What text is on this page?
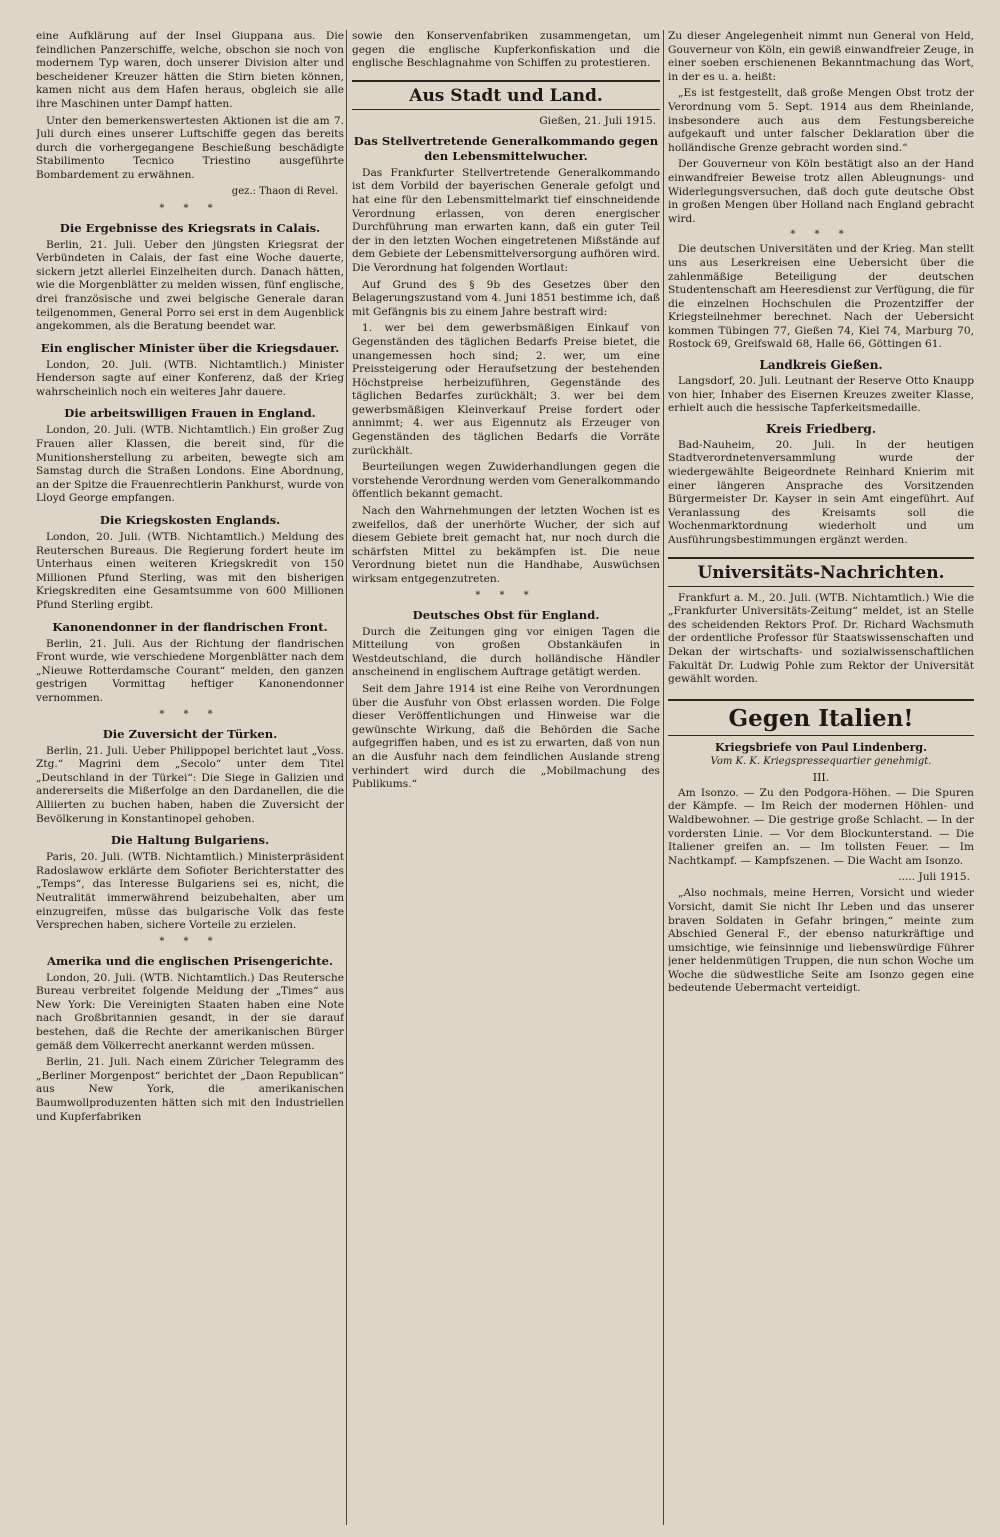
eine Aufklärung auf der Insel Giuppana aus. Die feindlichen Panzerschiffe, welche, obschon sie noch von modernem Typ waren, doch unserer Division alter und bescheidener Kreuzer hätten die Stirn bieten können, kamen nicht aus dem Hafen heraus, obgleich sie alle ihre Maschinen unter Dampf hatten.

Unter den bemerkenswertesten Aktionen ist die am 7. Juli durch eines unserer Luftschiffe gegen das bereits durch die vorhergegangene Beschießung beschädigte Stabilimento Tecnico Triestino ausgeführte Bombardement zu erwähnen.

gez.: Thaon di Revel.
* * *
Die Ergebnisse des Kriegsrats in Calais.

Berlin, 21. Juli. Ueber den jüngsten Kriegsrat der Verbündeten in Calais, der fast eine Woche dauerte, sickern jetzt allerlei Einzelheiten durch. Danach hätten, wie die Morgenblätter zu melden wissen, fünf englische, drei französische und zwei belgische Generale daran teilgenommen, General Porro sei erst in dem Augenblick angekommen, als die Beratung beendet war.

Ein englischer Minister über die Kriegsdauer.

London, 20. Juli. (WTB. Nichtamtlich.) Minister Henderson sagte auf einer Konferenz, daß der Krieg wahrscheinlich noch ein weiteres Jahr dauere.

Die arbeitswilligen Frauen in England.

London, 20. Juli. (WTB. Nichtamtlich.) Ein großer Zug Frauen aller Klassen, die bereit sind, für die Munitionsherstellung zu arbeiten, bewegte sich am Samstag durch die Straßen Londons. Eine Abordnung, an der Spitze die Frauenrechtlerin Pankhurst, wurde von Lloyd George empfangen.

Die Kriegskosten Englands.

London, 20. Juli. (WTB. Nichtamtlich.) Meldung des Reuterschen Bureaus. Die Regierung fordert heute im Unterhaus einen weiteren Kriegskredit von 150 Millionen Pfund Sterling, was mit den bisherigen Kriegskrediten eine Gesamtsumme von 600 Millionen Pfund Sterling ergibt.

Kanonendonner in der flandrischen Front.

Berlin, 21. Juli. Aus der Richtung der flandrischen Front wurde, wie verschiedene Morgenblätter nach dem „Nieuwe Rotterdamsche Courant“ melden, den ganzen gestrigen Vormittag heftiger Kanonendonner vernommen.

* * *
Die Zuversicht der Türken.

Berlin, 21. Juli. Ueber Philippopel berichtet laut „Voss. Ztg.“ Magrini dem „Secolo“ unter dem Titel „Deutschland in der Türkei“: Die Siege in Galizien und andererseits die Mißerfolge an den Dardanellen, die die Alliierten zu buchen haben, haben die Zuversicht der Bevölkerung in Konstantinopel gehoben.

Die Haltung Bulgariens.

Paris, 20. Juli. (WTB. Nichtamtlich.) Ministerpräsident Radoslawow erklärte dem Sofioter Berichterstatter des „Temps“, das Interesse Bulgariens sei es, nicht, die Neutralität immerwährend beizubehalten, aber um einzugreifen, müsse das bulgarische Volk das feste Versprechen haben, sichere Vorteile zu erzielen.

* * *
Amerika und die englischen Prisengerichte.

London, 20. Juli. (WTB. Nichtamtlich.) Das Reutersche Bureau verbreitet folgende Meldung der „Times“ aus New York: Die Vereinigten Staaten haben eine Note nach Großbritannien gesandt, in der sie darauf bestehen, daß die Rechte der amerikanischen Bürger gemäß dem Völkerrecht anerkannt werden müssen.

Berlin, 21. Juli. Nach einem Züricher Telegramm des „Berliner Morgenpost“ berichtet der „Daon Republican“ aus New York, die amerikanischen Baumwollproduzenten hätten sich mit den Industriellen und Kupferfabriken

sowie den Konservenfabriken zusammengetan, um gegen die englische Kupferkonfiskation und die englische Beschlagnahme von Schiffen zu protestieren.

Aus Stadt und Land.
Gießen, 21. Juli 1915.
Das Stellvertretende Generalkommando gegen den Lebensmittelwucher.

Das Frankfurter Stellvertretende Generalkommando ist dem Vorbild der bayerischen Generale gefolgt und hat eine für den Lebensmittelmarkt tief einschneidende Verordnung erlassen, von deren energischer Durchführung man erwarten kann, daß ein guter Teil der in den letzten Wochen eingetretenen Mißstände auf dem Gebiete der Lebensmittelversorgung aufhören wird. Die Verordnung hat folgenden Wortlaut:

Auf Grund des § 9b des Gesetzes über den Belagerungszustand vom 4. Juni 1851 bestimme ich, daß mit Gefängnis bis zu einem Jahre bestraft wird:

1. wer bei dem gewerbsmäßigen Einkauf von Gegenständen des täglichen Bedarfs Preise bietet, die unangemessen hoch sind; 2. wer, um eine Preissteigerung oder Heraufsetzung der bestehenden Höchstpreise herbeizuführen, Gegenstände des täglichen Bedarfes zurückhält; 3. wer bei dem gewerbsmäßigen Kleinverkauf Preise fordert oder annimmt; 4. wer aus Eigennutz als Erzeuger von Gegenständen des täglichen Bedarfs die Vorräte zurückhält.

Beurteilungen wegen Zuwiderhandlungen gegen die vorstehende Verordnung werden vom Generalkommando öffentlich bekannt gemacht.

Nach den Wahrnehmungen der letzten Wochen ist es zweifellos, daß der unerhörte Wucher, der sich auf diesem Gebiete breit gemacht hat, nur noch durch die schärfsten Mittel zu bekämpfen ist. Die neue Verordnung bietet nun die Handhabe, Auswüchsen wirksam entgegenzutreten.

* * *
Deutsches Obst für England.

Durch die Zeitungen ging vor einigen Tagen die Mitteilung von großen Obstankäufen in Westdeutschland, die durch holländische Händler anscheinend in englischem Auftrage getätigt werden.

Seit dem Jahre 1914 ist eine Reihe von Verordnungen über die Ausfuhr von Obst erlassen worden. Die Folge dieser Veröffentlichungen und Hinweise war die gewünschte Wirkung, daß die Behörden die Sache aufgegriffen haben, und es ist zu erwarten, daß von nun an die Ausfuhr nach dem feindlichen Auslande streng verhindert wird durch die „Mobilmachung des Publikums.“

Zu dieser Angelegenheit nimmt nun General von Held, Gouverneur von Köln, ein gewiß einwandfreier Zeuge, in einer soeben erschienenen Bekanntmachung das Wort, in der es u. a. heißt:

„Es ist festgestellt, daß große Mengen Obst trotz der Verordnung vom 5. Sept. 1914 aus dem Rheinlande, insbesondere auch aus dem Festungsbereiche aufgekauft und unter falscher Deklaration über die holländische Grenze gebracht worden sind.“

Der Gouverneur von Köln bestätigt also an der Hand einwandfreier Beweise trotz allen Ableugnungs- und Widerlegungsversuchen, daß doch gute deutsche Obst in großen Mengen über Holland nach England gebracht wird.

* * *

Die deutschen Universitäten und der Krieg. Man stellt uns aus Leserkreisen eine Uebersicht über die zahlenmäßige Beteiligung der deutschen Studentenschaft am Heeresdienst zur Verfügung, die für die einzelnen Hochschulen die Prozentziffer der Kriegsteilnehmer berechnet. Nach der Uebersicht kommen Tübingen 77, Gießen 74, Kiel 74, Marburg 70, Rostock 69, Greifswald 68, Halle 66, Göttingen 61.

Landkreis Gießen.

Langsdorf, 20. Juli. Leutnant der Reserve Otto Knaupp von hier, Inhaber des Eisernen Kreuzes zweiter Klasse, erhielt auch die hessische Tapferkeitsmedaille.

Kreis Friedberg.

Bad-Nauheim, 20. Juli. In der heutigen Stadtverordnetenversammlung wurde der wiedergewählte Beigeordnete Reinhard Knierim mit einer längeren Ansprache des Vorsitzenden Bürgermeister Dr. Kayser in sein Amt eingeführt. Auf Veranlassung des Kreisamts soll die Wochenmarktordnung wiederholt und um Ausführungsbestimmungen ergänzt werden.

Universitäts-Nachrichten.

Frankfurt a. M., 20. Juli. (WTB. Nichtamtlich.) Wie die „Frankfurter Universitäts-Zeitung“ meldet, ist an Stelle des scheidenden Rektors Prof. Dr. Richard Wachsmuth der ordentliche Professor für Staatswissenschaften und Dekan der wirtschafts- und sozialwissenschaftlichen Fakultät Dr. Ludwig Pohle zum Rektor der Universität gewählt worden.

Gegen Italien!
Kriegsbriefe von Paul Lindenberg.
Vom K. K. Kriegspressequartier genehmigt.
III.

Am Isonzo. — Zu den Podgora-Höhen. — Die Spuren der Kämpfe. — Im Reich der modernen Höhlen- und Waldbewohner. — Die gestrige große Schlacht. — In der vordersten Linie. — Vor dem Blockunterstand. — Die Italiener greifen an. — Im tollsten Feuer. — Im Nachtkampf. — Kampfszenen. — Die Wacht am Isonzo.

..... Juli 1915.

„Also nochmals, meine Herren, Vorsicht und wieder Vorsicht, damit Sie nicht Ihr Leben und das unserer braven Soldaten in Gefahr bringen,“ meinte zum Abschied General F., der ebenso naturkräftige und umsichtige, wie feinsinnige und liebenswürdige Führer jener heldenmütigen Truppen, die nun schon Woche um Woche die südwestliche Seite am Isonzo gegen eine bedeutende Uebermacht verteidigt.
